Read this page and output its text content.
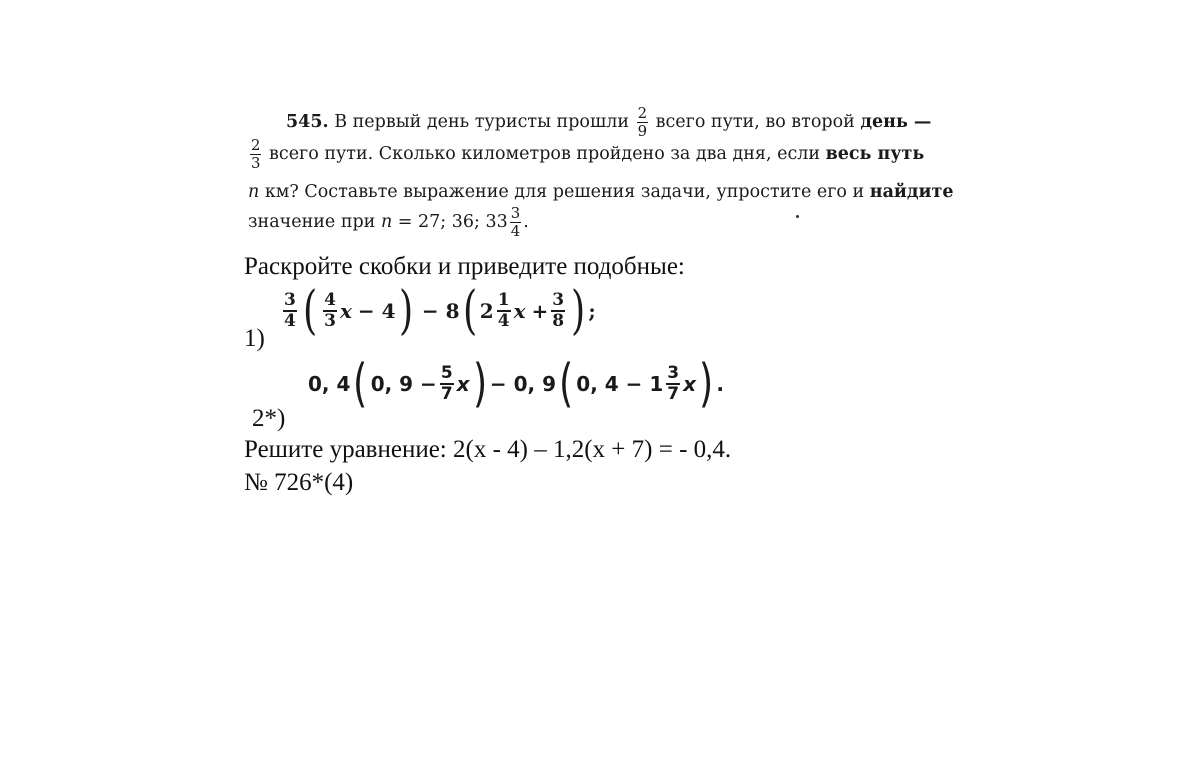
545. В первый день туристы прошли $\frac{2}{9}$ всего пути, во второй день —
$\frac{2}{3}$ всего пути. Сколько километров пройдено за два дня, если весь путь
n км? Составьте выражение для решения задачи, упростите его и найдите
значение при n = 27; 36; $33 \frac{3}{4}$ .
Раскройте скобки и приведите подобные:
1)
$\frac{3}{4}$ ( $\frac{4}{3}$ x − 4 ) − 8 ( $2 \frac{1}{4}$ $x + \frac{3}{8}$ ) ;
0, 4 ( 0, $9 - \frac{5}{7}$ x ) − 0, 9 ( 0, $4 - 1 \frac{3}{7}$ x ) .
2*)
Решите уравнение: 2(x - 4) – 1,2(x + 7) = - 0,4.
№ 726*(4)
